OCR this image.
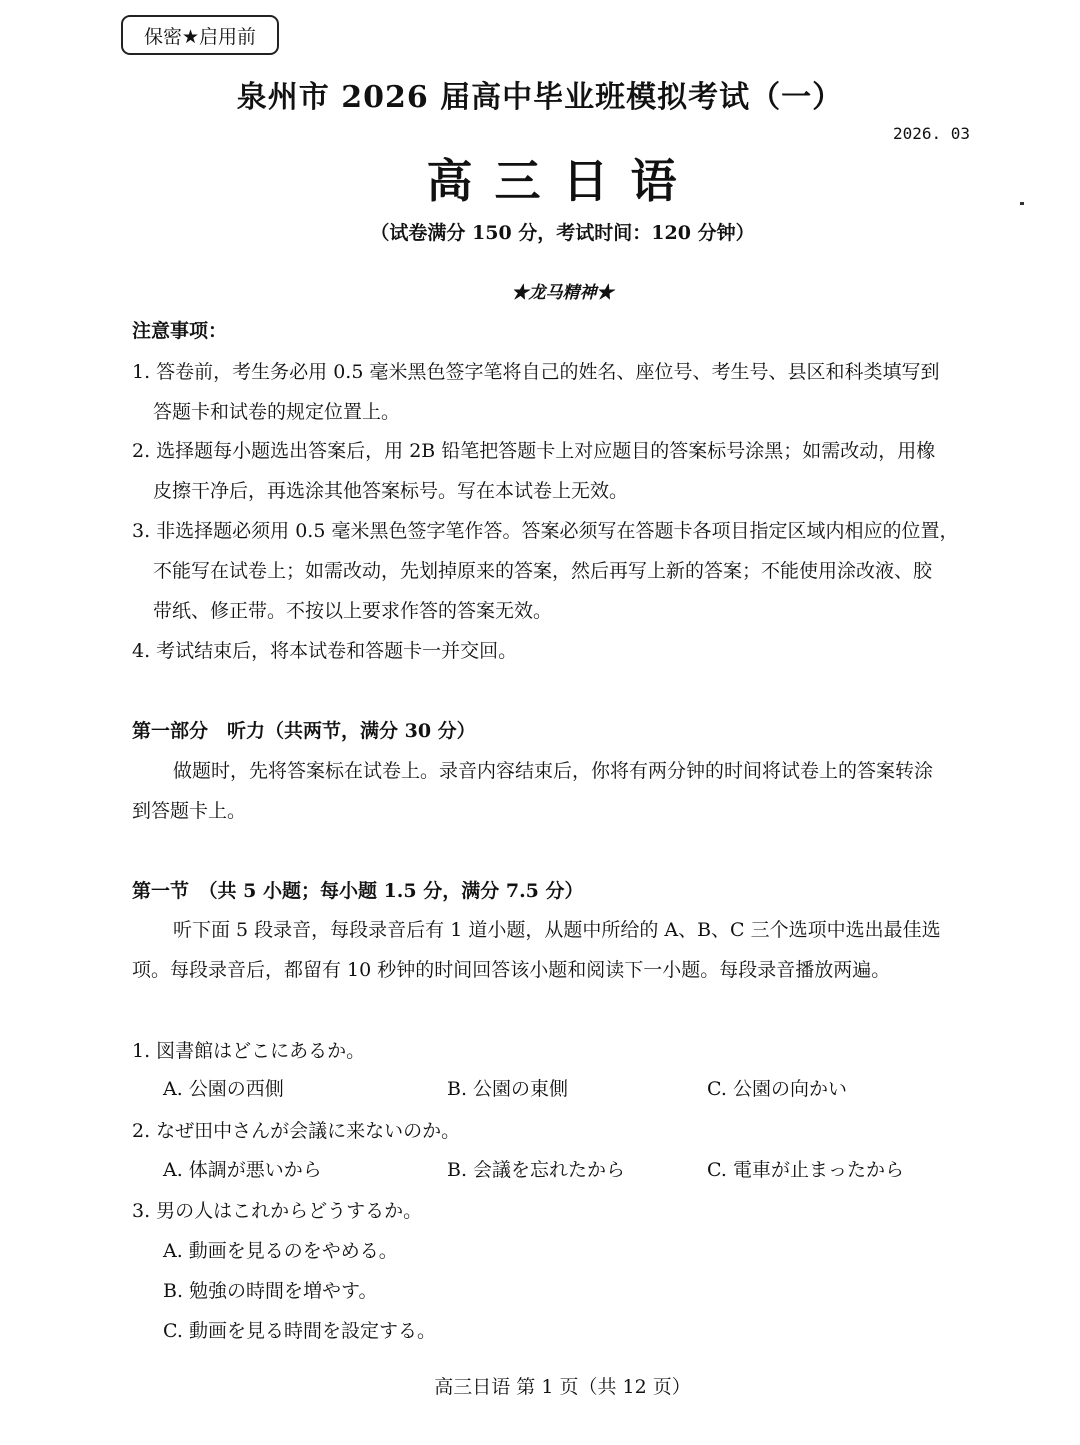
保密★启用前
泉州市 2026 届高中毕业班模拟考试（一）
2026. 03
高三日语
（试卷满分 150 分，考试时间：120 分钟）
★龙马精神★
注意事项：
1. 答卷前，考生务必用 0.5 毫米黑色签字笔将自己的姓名、座位号、考生号、县区和科类填写到
答题卡和试卷的规定位置上。
2. 选择题每小题选出答案后，用 2B 铅笔把答题卡上对应题目的答案标号涂黑；如需改动，用橡
皮擦干净后，再选涂其他答案标号。写在本试卷上无效。
3. 非选择题必须用 0.5 毫米黑色签字笔作答。答案必须写在答题卡各项目指定区域内相应的位置，
不能写在试卷上；如需改动，先划掉原来的答案，然后再写上新的答案；不能使用涂改液、胶
带纸、修正带。不按以上要求作答的答案无效。
4. 考试结束后，将本试卷和答题卡一并交回。
第一部分　听力（共两节，满分 30 分）
做题时，先将答案标在试卷上。录音内容结束后，你将有两分钟的时间将试卷上的答案转涂
到答题卡上。
第一节　（共 5 小题；每小题 1.5 分，满分 7.5 分）
听下面 5 段录音，每段录音后有 1 道小题，从题中所给的 A、B、C 三个选项中选出最佳选
项。每段录音后，都留有 10 秒钟的时间回答该小题和阅读下一小题。每段录音播放两遍。
1. 図書館はどこにあるか。
A. 公園の西側	B. 公園の東側	C. 公園の向かい
2. なぜ田中さんが会議に来ないのか。
A. 体調が悪いから	B. 会議を忘れたから	C. 電車が止まったから
3. 男の人はこれからどうするか。
A. 動画を見るのをやめる。
B. 勉強の時間を増やす。
C. 動画を見る時間を設定する。
高三日语 第 1 页（共 12 页）
